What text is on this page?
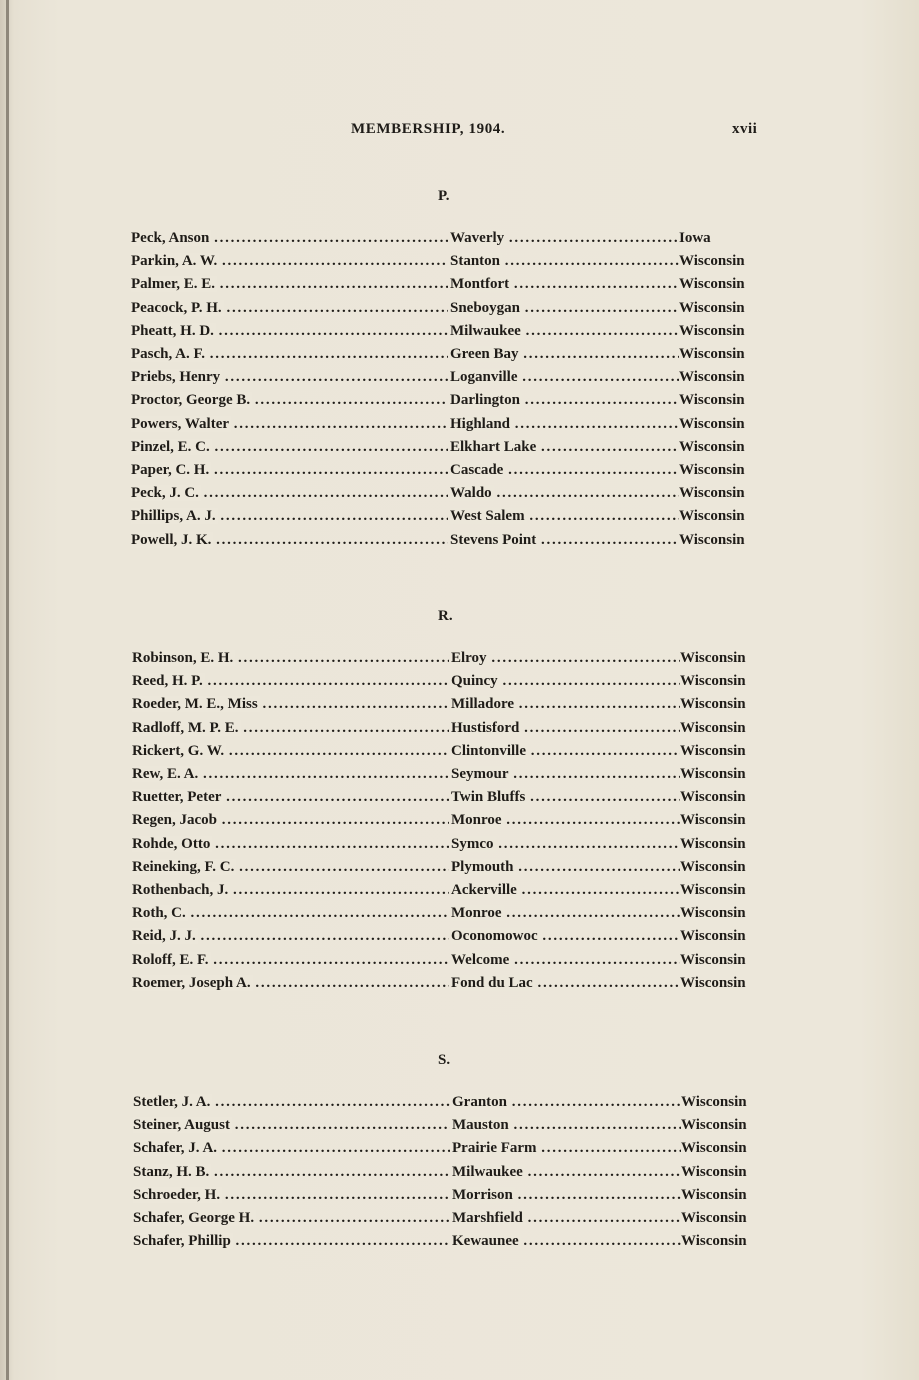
MEMBERSHIP, 1904.	xvii
P.
Peck, Anson . . .	Waverly . . .	Iowa
Parkin, A. W. . . .	Stanton . . .	Wisconsin
Palmer, E. E. . . .	Montfort . . .	Wisconsin
Peacock, P. H. . . .	Sneboygan . . .	Wisconsin
Pheatt, H. D. . . .	Milwaukee . . .	Wisconsin
Pasch, A. F. . . .	Green Bay . . .	Wisconsin
Priebs, Henry . . .	Loganville . . .	Wisconsin
Proctor, George B. . . .	Darlington . . .	Wisconsin
Powers, Walter . . .	Highland . . .	Wisconsin
Pinzel, E. C. . . .	Elkhart Lake . . .	Wisconsin
Paper, C. H. . . .	Cascade . . .	Wisconsin
Peck, J. C. . . .	Waldo . . .	Wisconsin
Phillips, A. J. . . .	West Salem . . .	Wisconsin
Powell, J. K. . . .	Stevens Point . . .	Wisconsin
R.
Robinson, E. H. . . .	Elroy . . .	Wisconsin
Reed, H. P. . . .	Quincy . . .	Wisconsin
Roeder, M. E., Miss . . .	Milladore . . .	Wisconsin
Radloff, M. P. E. . . .	Hustisford . . .	Wisconsin
Rickert, G. W. . . .	Clintonville . . .	Wisconsin
Rew, E. A. . . .	Seymour . . .	Wisconsin
Ruetter, Peter . . .	Twin Bluffs . . .	Wisconsin
Regen, Jacob . . .	Monroe . . .	Wisconsin
Rohde, Otto . . .	Symco . . .	Wisconsin
Reineking, F. C. . . .	Plymouth . . .	Wisconsin
Rothenbach, J. . . .	Ackerville . . .	Wisconsin
Roth, C. . . .	Monroe . . .	Wisconsin
Reid, J. J. . . .	Oconomowoc . . .	Wisconsin
Roloff, E. F. . . .	Welcome . . .	Wisconsin
Roemer, Joseph A. . . .	Fond du Lac . . .	Wisconsin
S.
Stetler, J. A. . . .	Granton . . .	Wisconsin
Steiner, August . . .	Mauston . . .	Wisconsin
Schafer, J. A. . . .	Prairie Farm . . .	Wisconsin
Stanz, H. B. . . .	Milwaukee . . .	Wisconsin
Schroeder, H. . . .	Morrison . . .	Wisconsin
Schafer, George H. . . .	Marshfield . . .	Wisconsin
Schafer, Phillip . . .	Kewaunee . . .	Wisconsin
